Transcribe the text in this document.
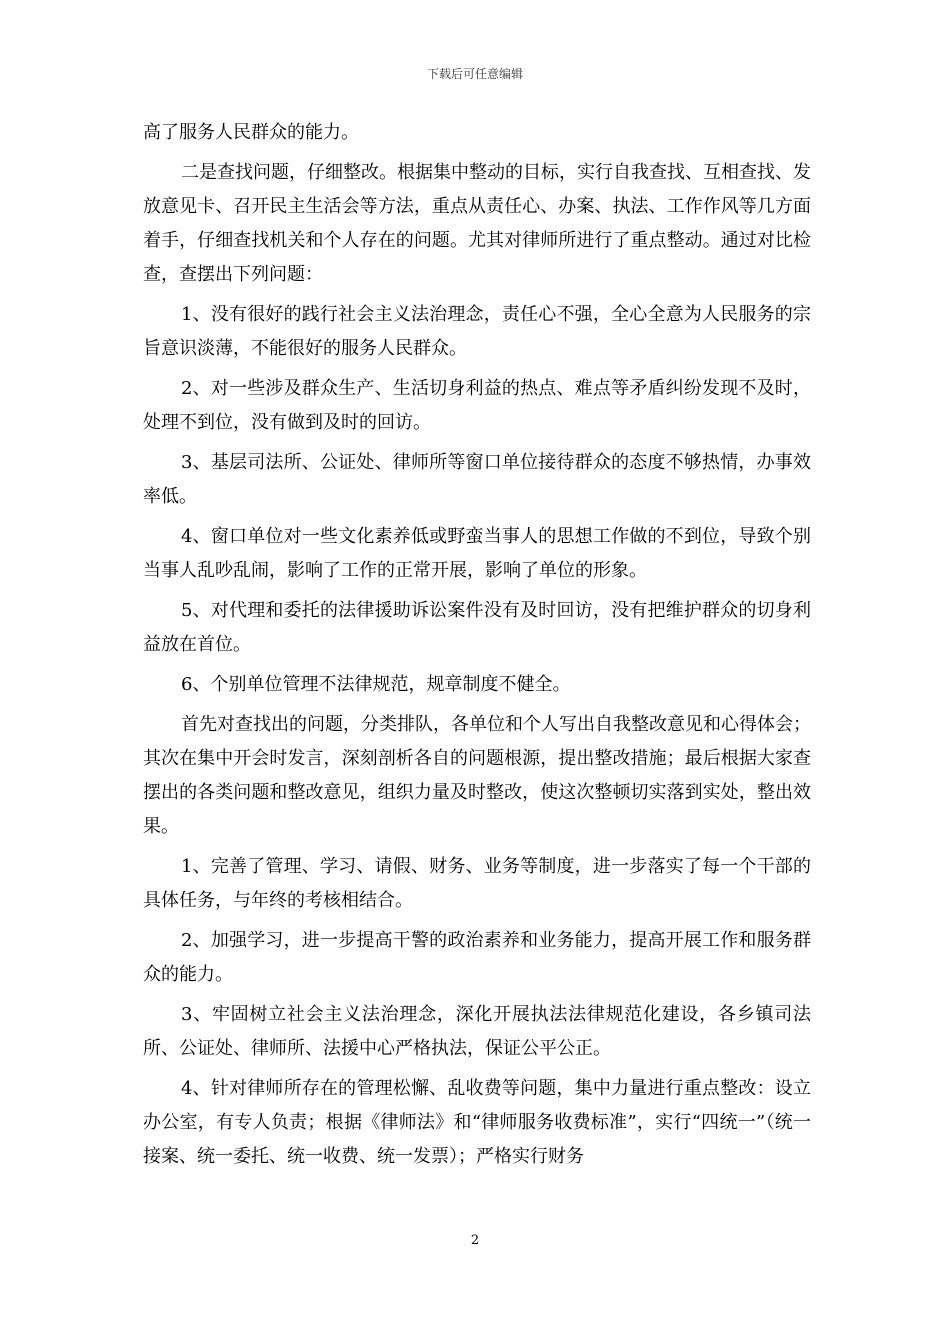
下载后可任意编辑

高了服务人民群众的能力。

二是查找问题，仔细整改。根据集中整动的目标，实行自我查找、互相查找、发放意见卡、召开民主生活会等方法，重点从责任心、办案、执法、工作作风等几方面着手，仔细查找机关和个人存在的问题。尤其对律师所进行了重点整动。通过对比检查，查摆出下列问题：

1、没有很好的践行社会主义法治理念，责任心不强，全心全意为人民服务的宗旨意识淡薄，不能很好的服务人民群众。

2、对一些涉及群众生产、生活切身利益的热点、难点等矛盾纠纷发现不及时，处理不到位，没有做到及时的回访。

3、基层司法所、公证处、律师所等窗口单位接待群众的态度不够热情，办事效率低。

4、窗口单位对一些文化素养低或野蛮当事人的思想工作做的不到位，导致个别当事人乱吵乱闹，影响了工作的正常开展，影响了单位的形象。

5、对代理和委托的法律援助诉讼案件没有及时回访，没有把维护群众的切身利益放在首位。

6、个别单位管理不法律规范，规章制度不健全。

首先对查找出的问题，分类排队，各单位和个人写出自我整改意见和心得体会；其次在集中开会时发言，深刻剖析各自的问题根源，提出整改措施；最后根据大家查摆出的各类问题和整改意见，组织力量及时整改，使这次整顿切实落到实处，整出效果。

1、完善了管理、学习、请假、财务、业务等制度，进一步落实了每一个干部的具体任务，与年终的考核相结合。

2、加强学习，进一步提高干警的政治素养和业务能力，提高开展工作和服务群众的能力。

3、牢固树立社会主义法治理念，深化开展执法法律规范化建设，各乡镇司法所、公证处、律师所、法援中心严格执法，保证公平公正。

4、针对律师所存在的管理松懈、乱收费等问题，集中力量进行重点整改：设立办公室，有专人负责；根据《律师法》和“律师服务收费标准”，实行“四统一”（统一接案、统一委托、统一收费、统一发票）；严格实行财务

2
